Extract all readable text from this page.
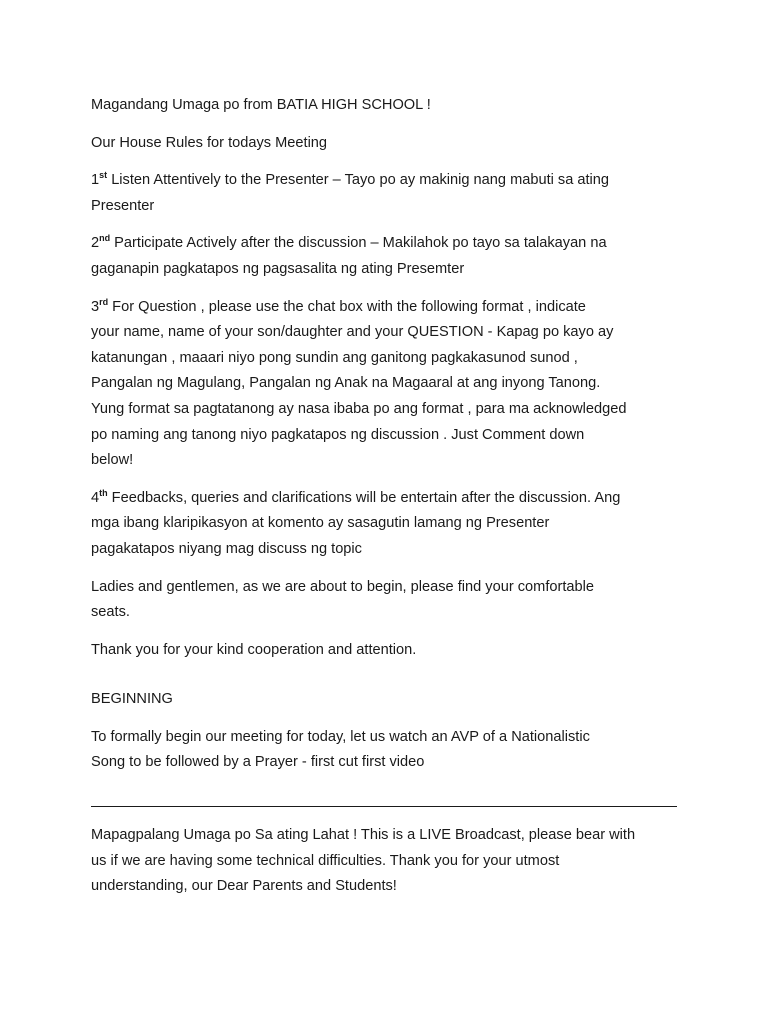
Magandang Umaga po from BATIA HIGH SCHOOL !

Our House Rules for todays Meeting

1st Listen Attentively to the Presenter – Tayo po ay makinig nang mabuti sa ating
Presenter

2nd Participate Actively after the discussion – Makilahok po tayo sa talakayan na
gaganapin pagkatapos ng pagsasalita ng ating Presemter

3rd For Question , please use the chat box with the following format , indicate
your name, name of your son/daughter and your QUESTION - Kapag po kayo ay
katanungan , maaari niyo pong sundin ang ganitong pagkakasunod sunod ,
Pangalan ng Magulang, Pangalan ng Anak na Magaaral at ang inyong Tanong.
Yung format sa pagtatanong ay nasa ibaba po ang format , para ma acknowledged
po naming ang tanong niyo pagkatapos ng discussion . Just Comment down
below!

4th Feedbacks, queries and clarifications will be entertain after the discussion. Ang
mga ibang klaripikasyon at komento ay sasagutin lamang ng Presenter
pagakatapos niyang mag discuss ng topic

Ladies and gentlemen, as we are about to begin, please find your comfortable
seats.

Thank you for your kind cooperation and attention.

BEGINNING

To formally begin our meeting for today, let us watch an AVP of a Nationalistic
Song to be followed by a Prayer - first cut first video

Mapagpalang Umaga po Sa ating Lahat ! This is a LIVE Broadcast, please bear with
us if we are having some technical difficulties. Thank you for your utmost
understanding, our Dear Parents and Students!
